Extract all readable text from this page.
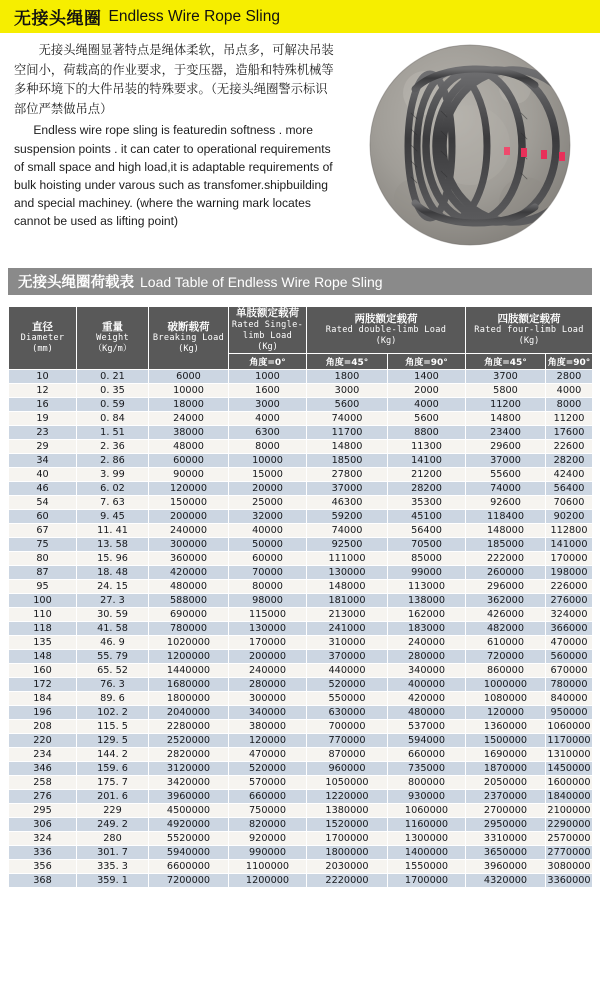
无接头绳圈 Endless Wire Rope Sling

无接头绳圈显著特点是绳体柔软，吊点多，可解决吊装空间小，荷载高的作业要求，于变压器，造船和特殊机械等多种环境下的大件吊装的特殊要求。（无接头绳圈警示标识部位严禁做吊点）

Endless wire rope sling is featuredin softness . more suspension points . it can cater to operational requirements of small space and high load,it is adaptable requirements of bulk hoisting under varous such as transfomer.shipbuilding and special machiney. (where the warning mark locates cannot be used as lifting point)

无接头绳圈荷载表 Load Table of Endless Wire Rope Sling
直径
Diameter
(mm)	重量
Weight
（Kg/m）	破断载荷
Breaking Load
(Kg)	单肢额定载荷
Rated Single-limb Load
(Kg)	两肢额定载荷
Rated double-limb Load
(Kg)		四肢额定载荷
Rated four-limb Load
(Kg)	

			角度=0°	角度=45°	角度=90°	角度=45°	角度=90°
10	0. 21	6000	1000	1800	1400	3700	2800
12	0. 35	10000	1600	3000	2000	5800	4000
16	0. 59	18000	3000	5600	4000	11200	8000
19	0. 84	24000	4000	74000	5600	14800	11200
23	1. 51	38000	6300	11700	8800	23400	17600
29	2. 36	48000	8000	14800	11300	29600	22600
34	2. 86	60000	10000	18500	14100	37000	28200
40	3. 99	90000	15000	27800	21200	55600	42400
46	6. 02	120000	20000	37000	28200	74000	56400
54	7. 63	150000	25000	46300	35300	92600	70600
60	9. 45	200000	32000	59200	45100	118400	90200
67	11. 41	240000	40000	74000	56400	148000	112800
75	13. 58	300000	50000	92500	70500	185000	141000
80	15. 96	360000	60000	111000	85000	222000	170000
87	18. 48	420000	70000	130000	99000	260000	198000
95	24. 15	480000	80000	148000	113000	296000	226000
100	27. 3	588000	98000	181000	138000	362000	276000
110	30. 59	690000	115000	213000	162000	426000	324000
118	41. 58	780000	130000	241000	183000	482000	366000
135	46. 9	1020000	170000	310000	240000	610000	470000
148	55. 79	1200000	200000	370000	280000	720000	560000
160	65. 52	1440000	240000	440000	340000	860000	670000
172	76. 3	1680000	280000	520000	400000	1000000	780000
184	89. 6	1800000	300000	550000	420000	1080000	840000
196	102. 2	2040000	340000	630000	480000	120000	950000
208	115. 5	2280000	380000	700000	537000	1360000	1060000
220	129. 5	2520000	120000	770000	594000	1500000	1170000
234	144. 2	2820000	470000	870000	660000	1690000	1310000
346	159. 6	3120000	520000	960000	735000	1870000	1450000
258	175. 7	3420000	570000	1050000	800000	2050000	1600000
276	201. 6	3960000	660000	1220000	930000	2370000	1840000
295	229	4500000	750000	1380000	1060000	2700000	2100000
306	249. 2	4920000	820000	1520000	1160000	2950000	2290000
324	280	5520000	920000	1700000	1300000	3310000	2570000
336	301. 7	5940000	990000	1800000	1400000	3650000	2770000
356	335. 3	6600000	1100000	2030000	1550000	3960000	3080000
368	359. 1	7200000	1200000	2220000	1700000	4320000	3360000
